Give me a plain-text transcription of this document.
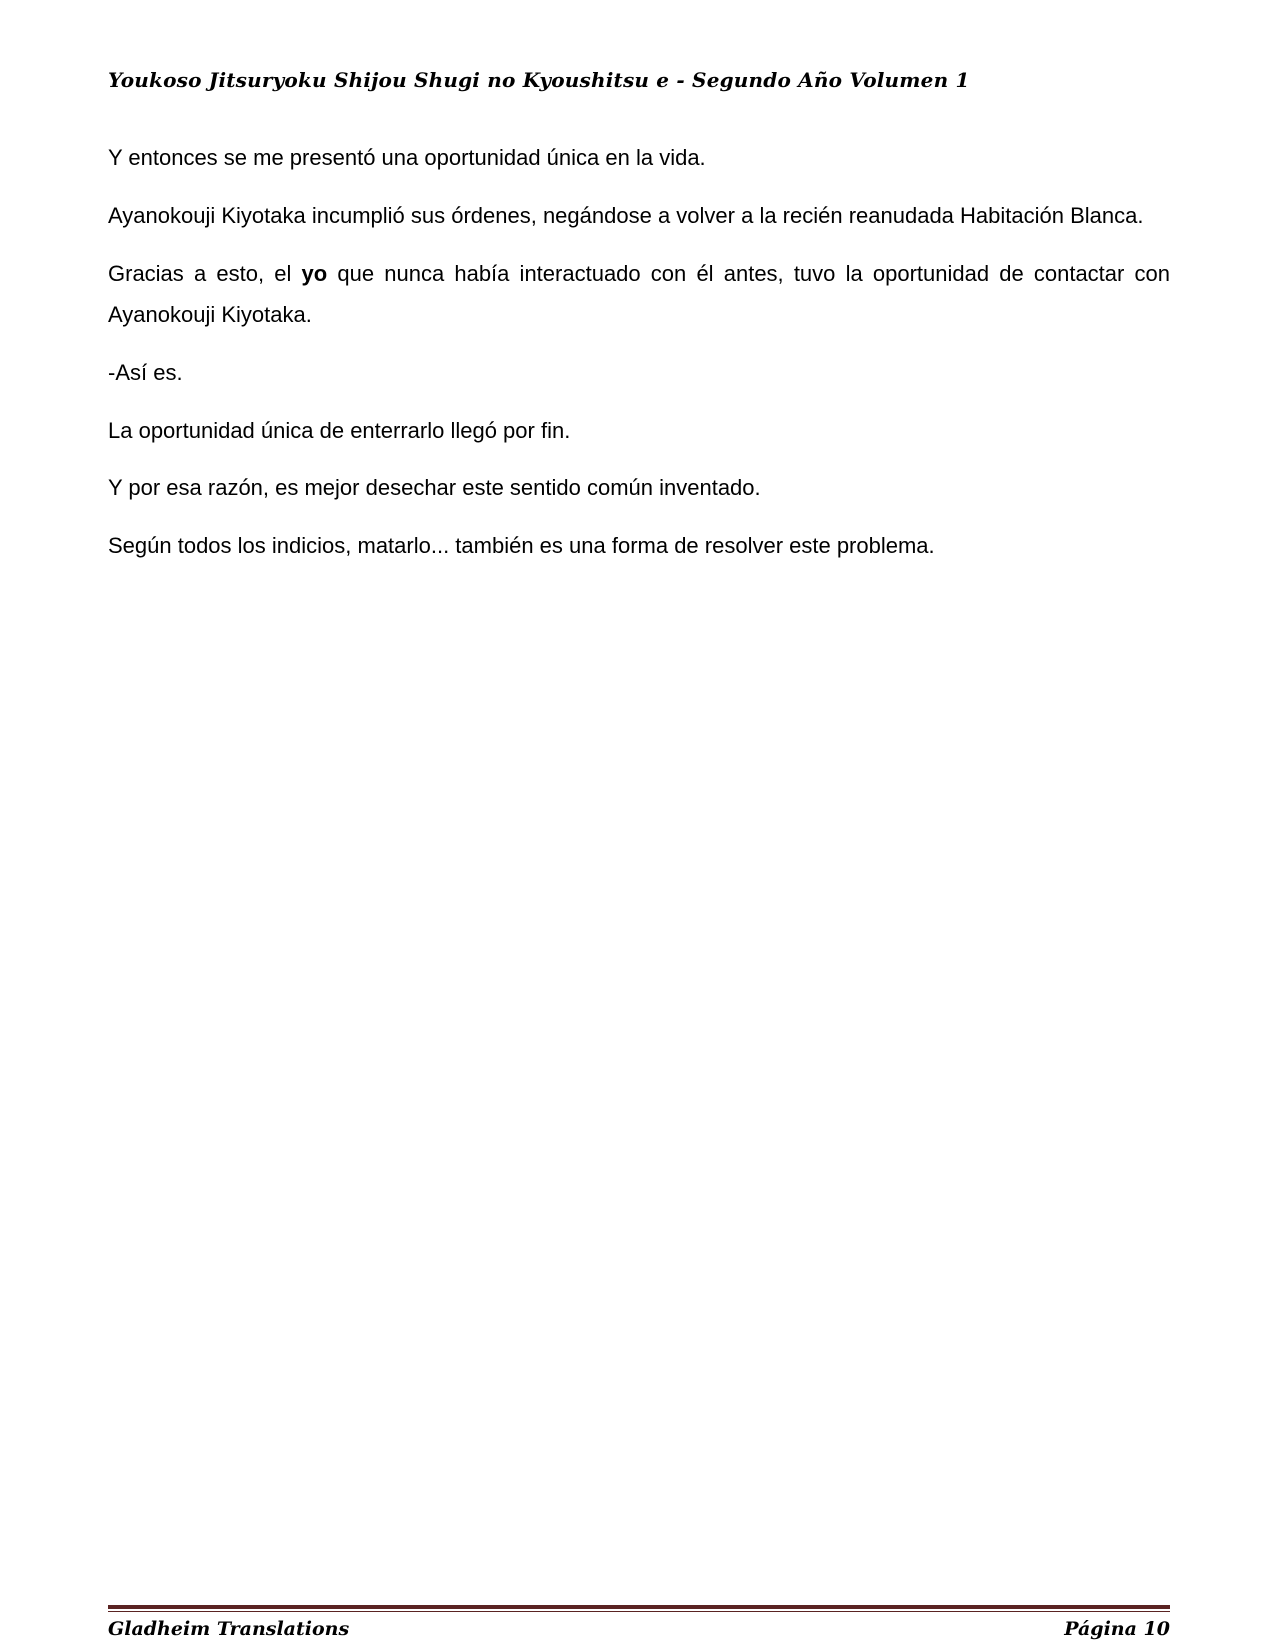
Youkoso Jitsuryoku Shijou Shugi no Kyoushitsu e - Segundo Año Volumen 1

Y entonces se me presentó una oportunidad única en la vida.

Ayanokouji Kiyotaka incumplió sus órdenes, negándose a volver a la recién reanudada Habitación Blanca.

Gracias a esto, el yo que nunca había interactuado con él antes, tuvo la oportunidad de contactar con Ayanokouji Kiyotaka.

-Así es.

La oportunidad única de enterrarlo llegó por fin.

Y por esa razón, es mejor desechar este sentido común inventado.

Según todos los indicios, matarlo... también es una forma de resolver este problema.

Gladheim Translations	Página 10
